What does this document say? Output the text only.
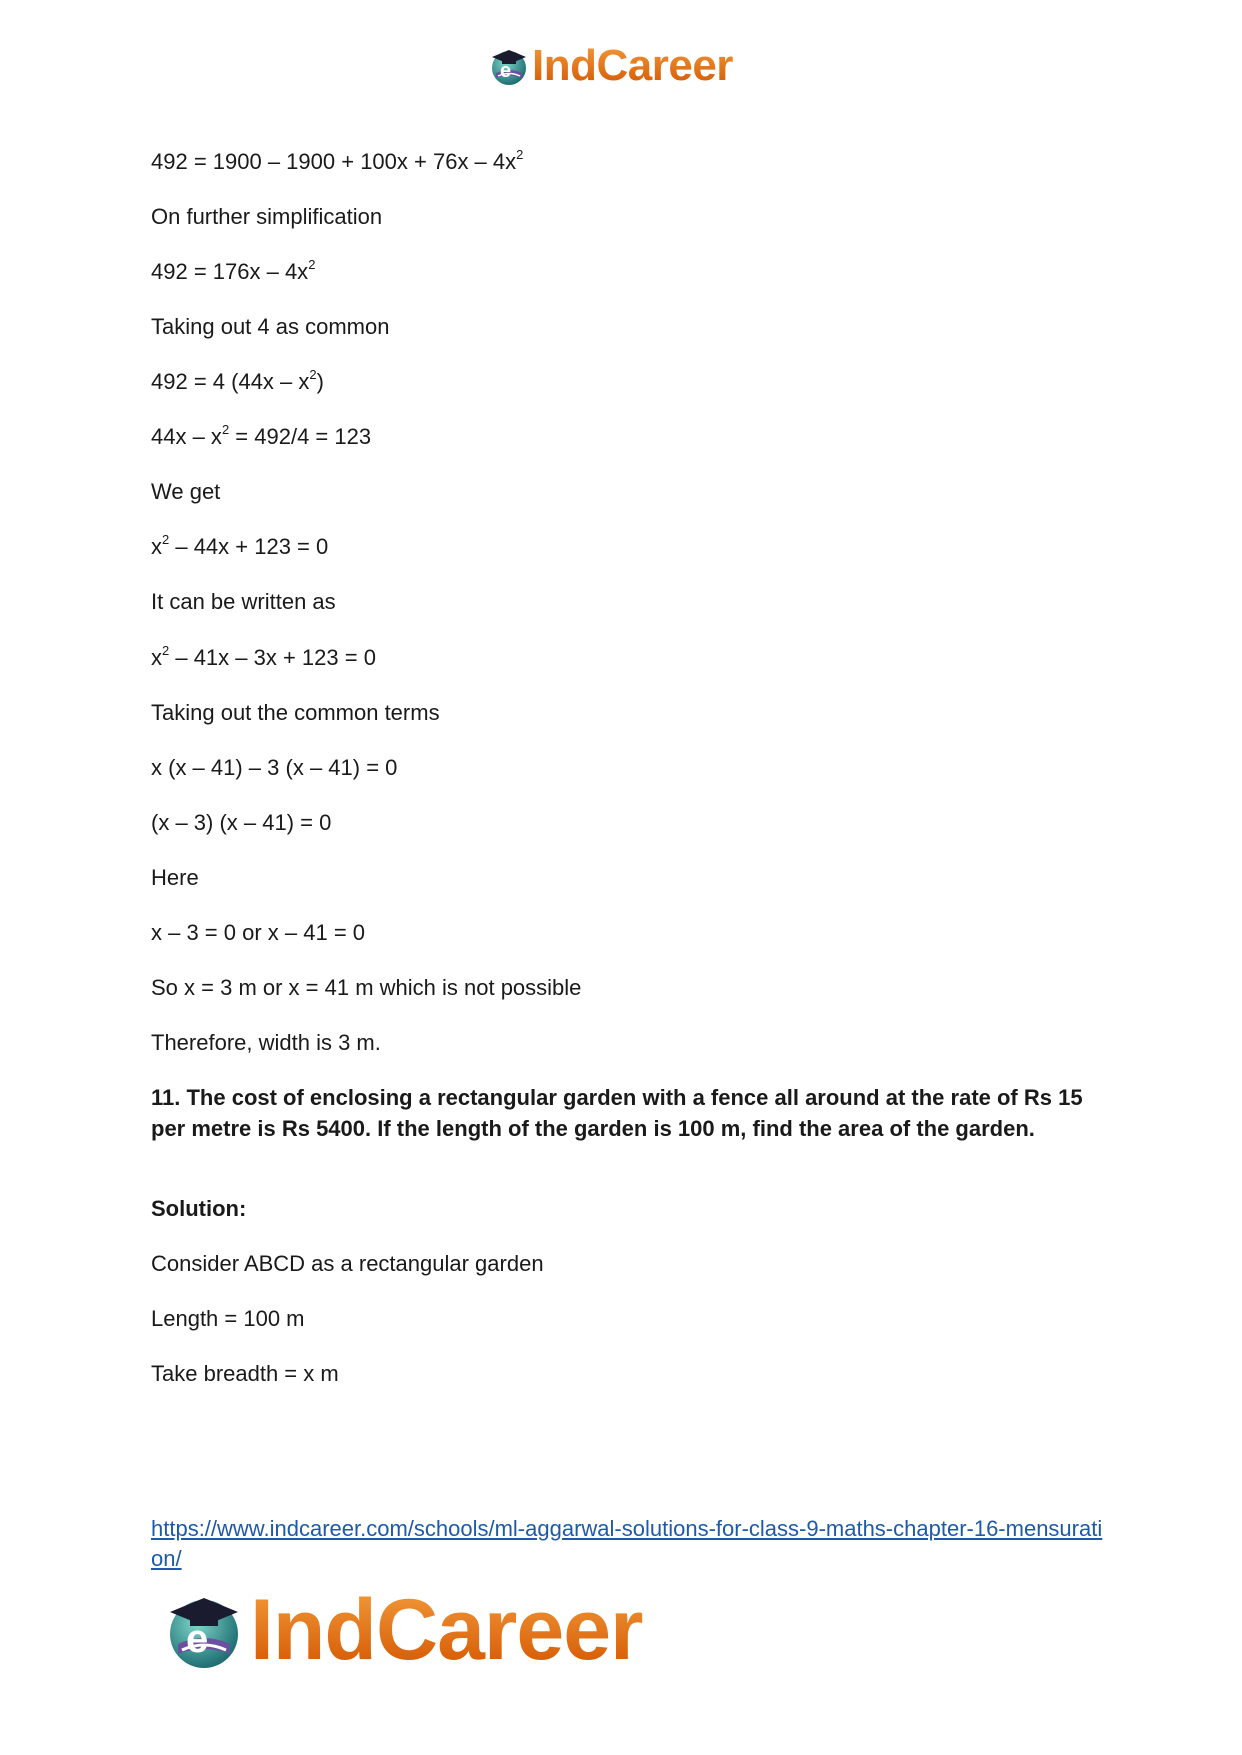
e IndCareer
$492 = 1900 - 1900 + 100x + 76x - 4x^2$
On further simplification
$492 = 176x - 4x^2$
Taking out 4 as common
492 = 4 $(44x - x^2)$
$44x - x^2 = 492/4 = 123$
We get
$x^2 - 44x + 123 = 0$
It can be written as
$x^2 - 41x - 3x + 123 = 0$
Taking out the common terms
x (x – 41) – 3 (x – 41) = 0
(x – 3) (x – 41) = 0
Here
x – 3 = 0 or x – 41 = 0
So x = 3 m or x = 41 m which is not possible
Therefore, width is 3 m.
11. The cost of enclosing a rectangular garden with a fence all around at the rate of Rs 15 per metre is Rs 5400. If the length of the garden is 100 m, find the area of the garden.
Solution:
Consider ABCD as a rectangular garden
Length = 100 m
Take breadth = x m
https://www.indcareer.com/schools/ml-aggarwal-solutions-for-class-9-maths-chapter-16-mensuration/
e IndCareer
